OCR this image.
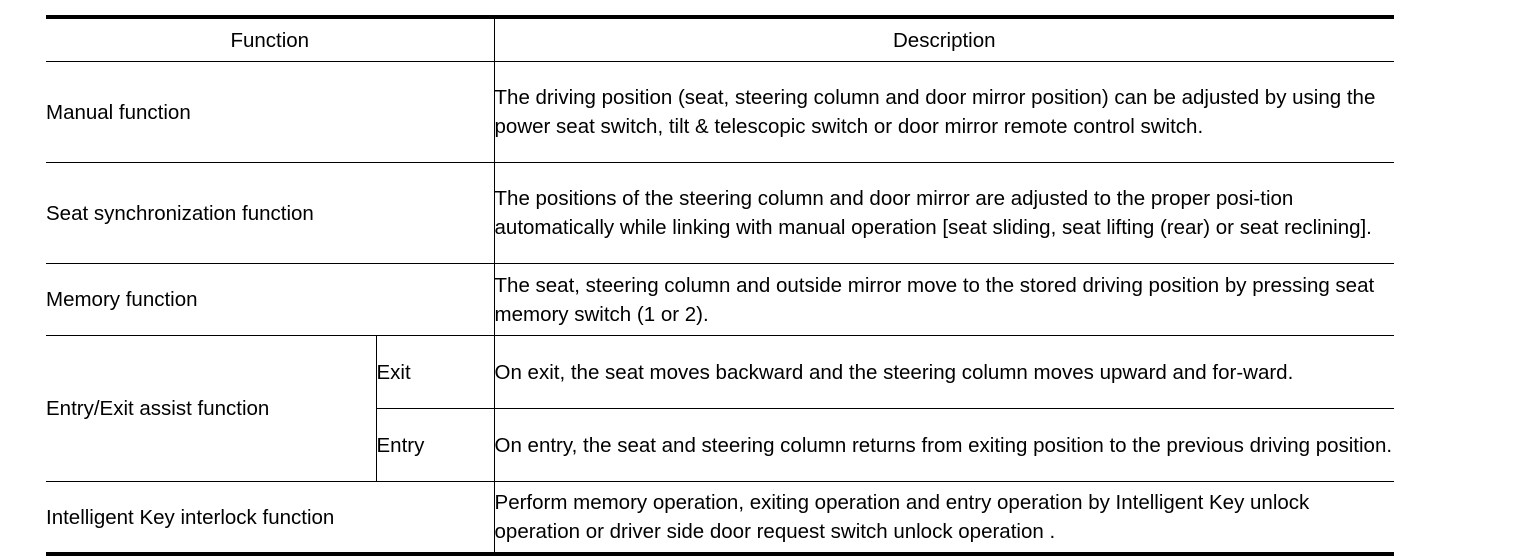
Function		Description
Manual function		The driving position (seat, steering column and door mirror position) can be adjusted by using the power seat switch, tilt & telescopic switch or door mirror remote control switch.
Seat synchronization function		The positions of the steering column and door mirror are adjusted to the proper posi-tion automatically while linking with manual operation [seat sliding, seat lifting (rear) or seat reclining].
Memory function		The seat, steering column and outside mirror move to the stored driving position by pressing seat memory switch (1 or 2).
Entry/Exit assist function	Exit	On exit, the seat moves backward and the steering column moves upward and for-ward.
	Entry	On entry, the seat and steering column returns from exiting position to the previous driving position.
Intelligent Key interlock function		Perform memory operation, exiting operation and entry operation by Intelligent Key unlock operation or driver side door request switch unlock operation .
